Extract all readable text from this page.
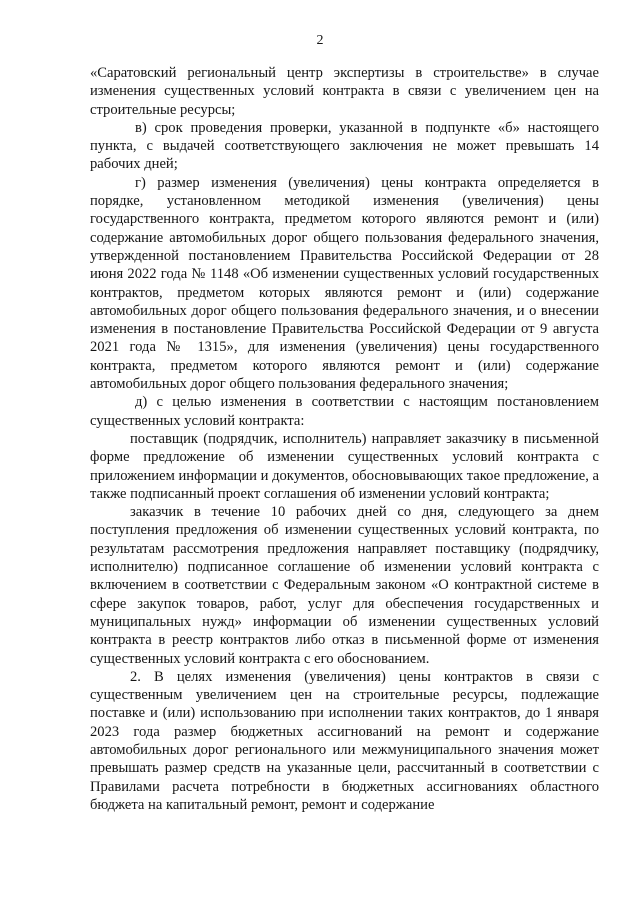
2

«Саратовский региональный центр экспертизы в строительстве» в случае изменения существенных условий контракта в связи с увеличением цен на строительные ресурсы;

в) срок проведения проверки, указанной в подпункте «б» настоящего пункта, с выдачей соответствующего заключения не может превышать 14 рабочих дней;

г) размер изменения (увеличения) цены контракта определяется в порядке, установленном методикой изменения (увеличения) цены государственного контракта, предметом которого являются ремонт и (или) содержание автомобильных дорог общего пользования федерального значения, утвержденной постановлением Правительства Российской Федерации от 28 июня 2022 года № 1148 «Об изменении существенных условий государственных контрактов, предметом которых являются ремонт и (или) содержание автомобильных дорог общего пользования федерального значения, и о внесении изменения в постановление Правительства Российской Федерации от 9 августа 2021 года № 1315», для изменения (увеличения) цены государственного контракта, предметом которого являются ремонт и (или) содержание автомобильных дорог общего пользования федерального значения;

д) с целью изменения в соответствии с настоящим постановлением существенных условий контракта:

поставщик (подрядчик, исполнитель) направляет заказчику в письменной форме предложение об изменении существенных условий контракта с приложением информации и документов, обосновывающих такое предложение, а также подписанный проект соглашения об изменении условий контракта;

заказчик в течение 10 рабочих дней со дня, следующего за днем поступления предложения об изменении существенных условий контракта, по результатам рассмотрения предложения направляет поставщику (подрядчику, исполнителю) подписанное соглашение об изменении условий контракта с включением в соответствии с Федеральным законом «О контрактной системе в сфере закупок товаров, работ, услуг для обеспечения государственных и муниципальных нужд» информации об изменении существенных условий контракта в реестр контрактов либо отказ в письменной форме от изменения существенных условий контракта с его обоснованием.

2. В целях изменения (увеличения) цены контрактов в связи с существенным увеличением цен на строительные ресурсы, подлежащие поставке и (или) использованию при исполнении таких контрактов, до 1 января 2023 года размер бюджетных ассигнований на ремонт и содержание автомобильных дорог регионального или межмуниципального значения может превышать размер средств на указанные цели, рассчитанный в соответствии с Правилами расчета потребности в бюджетных ассигнованиях областного бюджета на капитальный ремонт, ремонт и содержание
